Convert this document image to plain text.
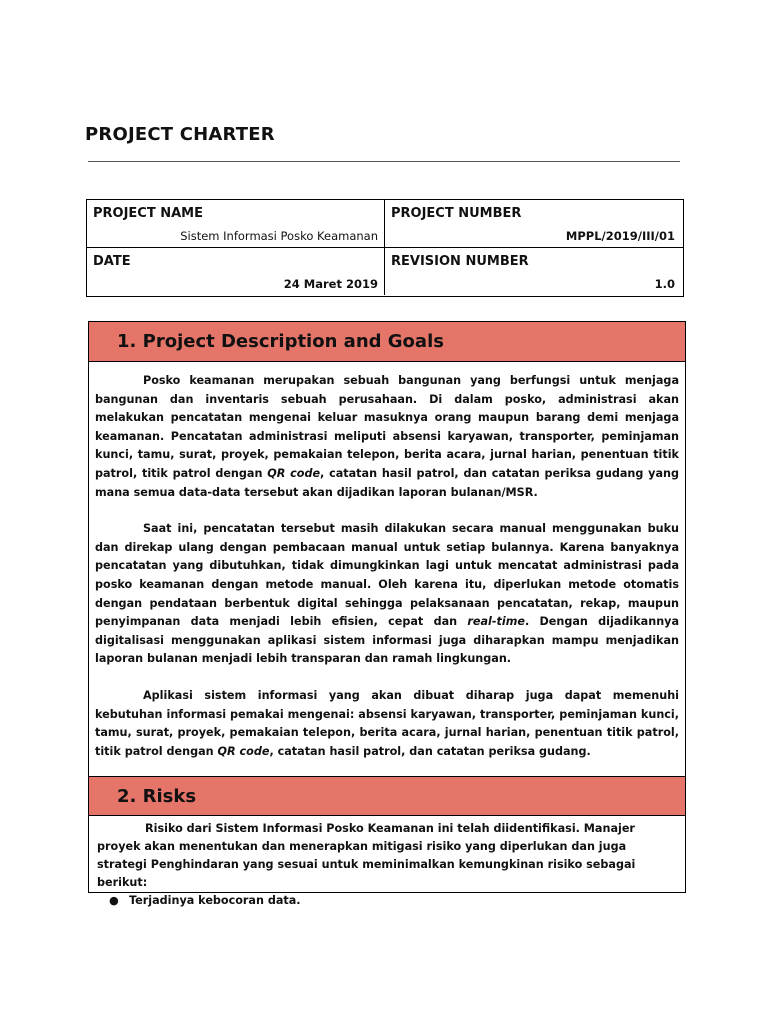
PROJECT CHARTER
PROJECT NAME
Sistem Informasi Posko Keamanan
PROJECT NUMBER
MPPL/2019/III/01
DATE
24 Maret 2019
REVISION NUMBER
1.0
1. Project Description and Goals

Posko keamanan merupakan sebuah bangunan yang berfungsi untuk menjaga bangunan dan inventaris sebuah perusahaan. Di dalam posko, administrasi akan melakukan pencatatan mengenai keluar masuknya orang maupun barang demi menjaga keamanan. Pencatatan administrasi meliputi absensi karyawan, transporter, peminjaman kunci, tamu, surat, proyek, pemakaian telepon, berita acara, jurnal harian, penentuan titik patrol, titik patrol dengan QR code, catatan hasil patrol, dan catatan periksa gudang yang mana semua data-data tersebut akan dijadikan laporan bulanan/MSR.

Saat ini, pencatatan tersebut masih dilakukan secara manual menggunakan buku dan direkap ulang dengan pembacaan manual untuk setiap bulannya. Karena banyaknya pencatatan yang dibutuhkan, tidak dimungkinkan lagi untuk mencatat administrasi pada posko keamanan dengan metode manual. Oleh karena itu, diperlukan metode otomatis dengan pendataan berbentuk digital sehingga pelaksanaan pencatatan, rekap, maupun penyimpanan data menjadi lebih efisien, cepat dan real-time. Dengan dijadikannya digitalisasi menggunakan aplikasi sistem informasi juga diharapkan mampu menjadikan laporan bulanan menjadi lebih transparan dan ramah lingkungan.

Aplikasi sistem informasi yang akan dibuat diharap juga dapat memenuhi kebutuhan informasi pemakai mengenai: absensi karyawan, transporter, peminjaman kunci, tamu, surat, proyek, pemakaian telepon, berita acara, jurnal harian, penentuan titik patrol, titik patrol dengan QR code, catatan hasil patrol, dan catatan periksa gudang.

2. Risks

Risiko dari Sistem Informasi Posko Keamanan ini telah diidentifikasi. Manajer proyek akan menentukan dan menerapkan mitigasi risiko yang diperlukan dan juga strategi Penghindaran yang sesuai untuk meminimalkan kemungkinan risiko sebagai berikut:

● Terjadinya kebocoran data.
